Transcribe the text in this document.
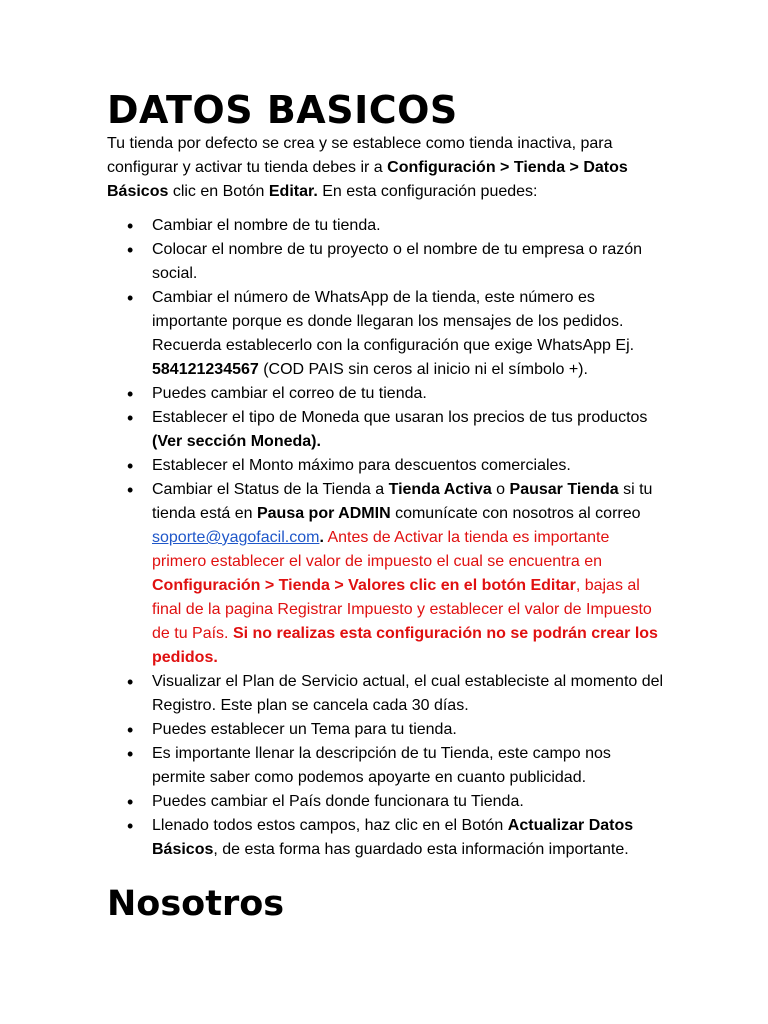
DATOS BASICOS

Tu tienda por defecto se crea y se establece como tienda inactiva, para configurar y activar tu tienda debes ir a Configuración > Tienda > Datos Básicos clic en Botón Editar. En esta configuración puedes:

• Cambiar el nombre de tu tienda.
• Colocar el nombre de tu proyecto o el nombre de tu empresa o razón social.
• Cambiar el número de WhatsApp de la tienda, este número es importante porque es donde llegaran los mensajes de los pedidos. Recuerda establecerlo con la configuración que exige WhatsApp Ej. 584121234567 (COD PAIS sin ceros al inicio ni el símbolo +).
• Puedes cambiar el correo de tu tienda.
• Establecer el tipo de Moneda que usaran los precios de tus productos (Ver sección Moneda).
• Establecer el Monto máximo para descuentos comerciales.
• Cambiar el Status de la Tienda a Tienda Activa o Pausar Tienda si tu tienda está en Pausa por ADMIN comunícate con nosotros al correo soporte@yagofacil.com. Antes de Activar la tienda es importante primero establecer el valor de impuesto el cual se encuentra en Configuración > Tienda > Valores clic en el botón Editar, bajas al final de la pagina Registrar Impuesto y establecer el valor de Impuesto de tu País. Si no realizas esta configuración no se podrán crear los pedidos.
• Visualizar el Plan de Servicio actual, el cual estableciste al momento del Registro. Este plan se cancela cada 30 días.
• Puedes establecer un Tema para tu tienda.
• Es importante llenar la descripción de tu Tienda, este campo nos permite saber como podemos apoyarte en cuanto publicidad.
• Puedes cambiar el País donde funcionara tu Tienda.
• Llenado todos estos campos, haz clic en el Botón Actualizar Datos Básicos, de esta forma has guardado esta información importante.
Nosotros
